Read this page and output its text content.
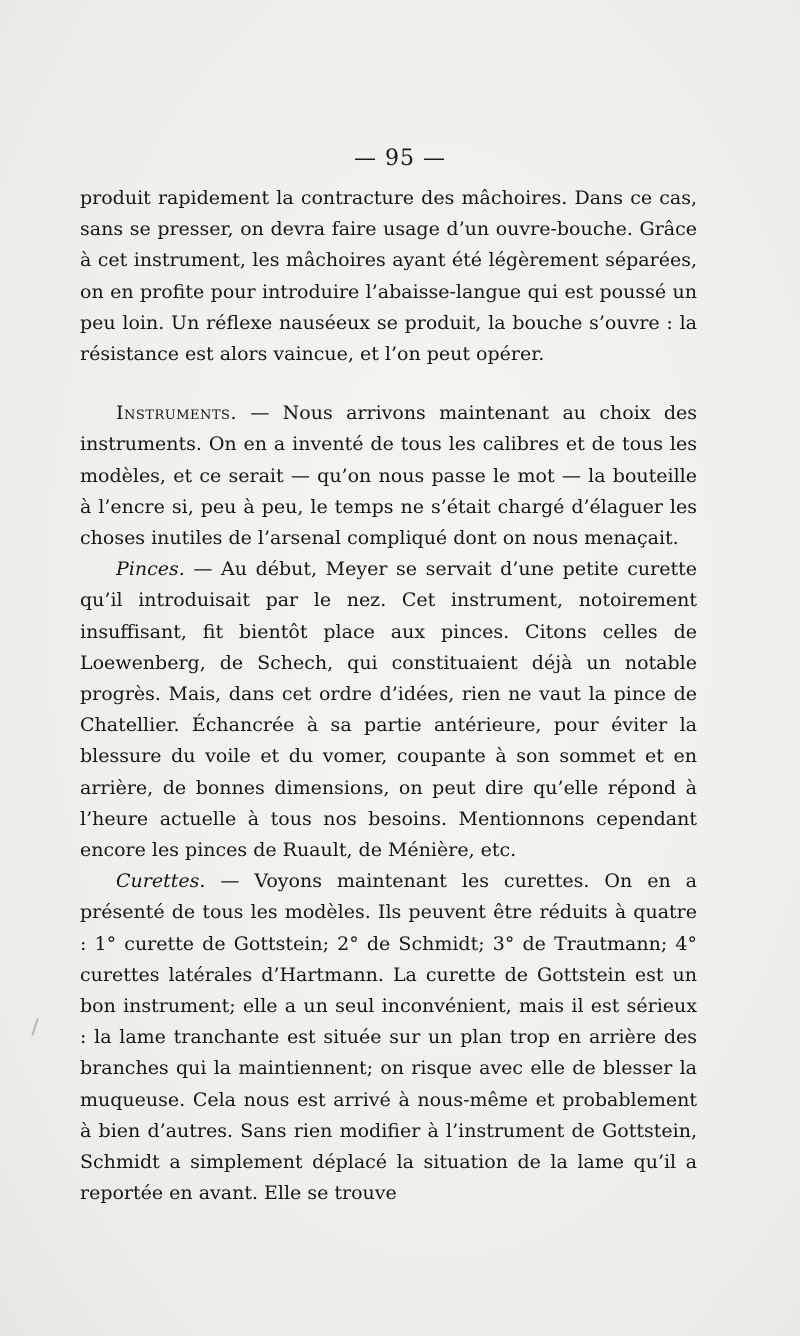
— 95 —

produit rapidement la contracture des mâchoires. Dans ce cas, sans se presser, on devra faire usage d’un ouvre-bouche. Grâce à cet instrument, les mâchoires ayant été légèrement séparées, on en profite pour introduire l’abaisse-langue qui est poussé un peu loin. Un réflexe nauséeux se produit, la bouche s’ouvre : la résistance est alors vaincue, et l’on peut opérer.

Instruments. — Nous arrivons maintenant au choix des instruments. On en a inventé de tous les calibres et de tous les modèles, et ce serait — qu’on nous passe le mot — la bouteille à l’encre si, peu à peu, le temps ne s’était chargé d’élaguer les choses inutiles de l’arsenal compliqué dont on nous menaçait.

Pinces. — Au début, Meyer se servait d’une petite curette qu’il introduisait par le nez. Cet instrument, notoirement insuffisant, fit bientôt place aux pinces. Citons celles de Loewenberg, de Schech, qui constituaient déjà un notable progrès. Mais, dans cet ordre d’idées, rien ne vaut la pince de Chatellier. Échancrée à sa partie antérieure, pour éviter la blessure du voile et du vomer, coupante à son sommet et en arrière, de bonnes dimensions, on peut dire qu’elle répond à l’heure actuelle à tous nos besoins. Mentionnons cependant encore les pinces de Ruault, de Ménière, etc.

Curettes. — Voyons maintenant les curettes. On en a présenté de tous les modèles. Ils peuvent être réduits à quatre : 1° curette de Gottstein; 2° de Schmidt; 3° de Trautmann; 4° curettes latérales d’Hartmann. La curette de Gottstein est un bon instrument; elle a un seul inconvénient, mais il est sérieux : la lame tranchante est située sur un plan trop en arrière des branches qui la maintiennent; on risque avec elle de blesser la muqueuse. Cela nous est arrivé à nous-même et probablement à bien d’autres. Sans rien modifier à l’instrument de Gottstein, Schmidt a simplement déplacé la situation de la lame qu’il a reportée en avant. Elle se trouve
